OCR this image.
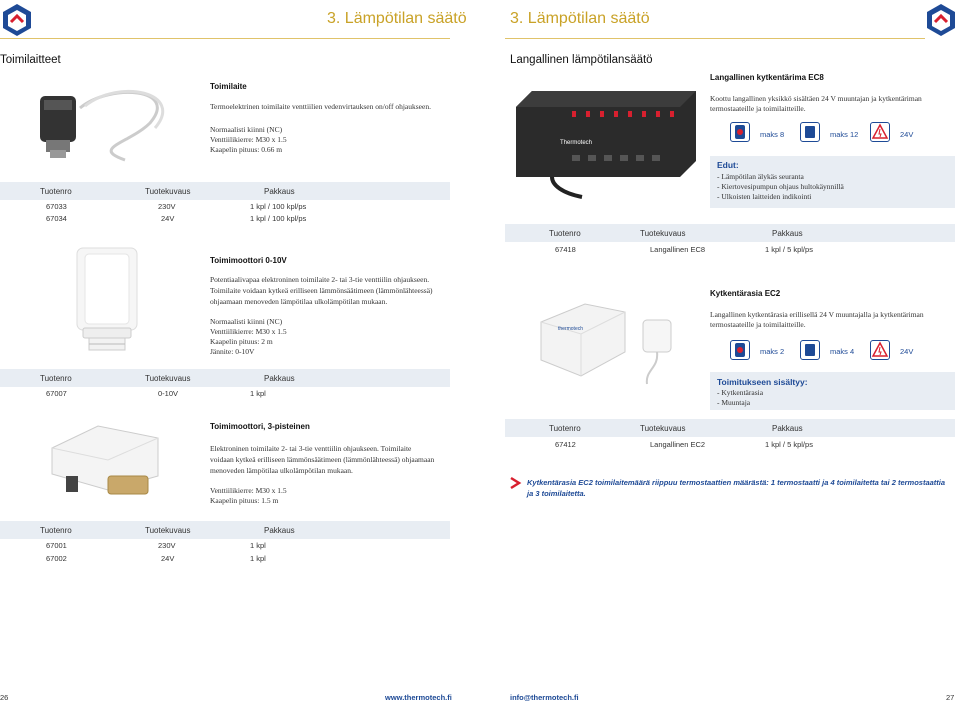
3. Lämpötilan säätö	3. Lämpötilan säätö
Toimilaitteet	Langallinen lämpötilansäätö
Toimilaite
Termoelektrinen toimilaite venttiilien vedenvirtauksen on/off ohjaukseen.
Normaalisti kiinni (NC)
Venttiilikierre: M30 x 1.5
Kaapelin pituus: 0.66 m
Tuotenro	Tuotekuvaus	Pakkaus
67033	230V	1 kpl / 100 kpl/ps
67034	24V	1 kpl / 100 kpl/ps
Toimimoottori 0-10V
Potentiaalivapaa elektroninen toimilaite 2- tai 3-tie venttiilin ohjaukseen.
Toimilaite voidaan kytkeä erilliseen lämmönsäätimeen (lämmönlähteessä)
ohjaamaan menoveden lämpötilaa ulkolämpötilan mukaan.
Normaalisti kiinni (NC)
Venttiilikierre: M30 x 1.5
Kaapelin pituus: 2 m
Jännite: 0-10V
Tuotenro	Tuotekuvaus	Pakkaus
67007	0-10V	1 kpl
Toimimoottori, 3-pisteinen
Elektroninen toimilaite 2- tai 3-tie venttiilin ohjaukseen. Toimilaite
voidaan kytkeä erilliseen lämmönsäätimeen (lämmönlähteessä) ohjaamaan
menoveden lämpötilaa ulkolämpötilan mukaan.
Venttiilikierre: M30 x 1.5
Kaapelin pituus: 1.5 m
Tuotenro	Tuotekuvaus	Pakkaus
67001	230V	1 kpl
67002	24V	1 kpl
Thermotech
Langallinen kytkentärima EC8
Koottu langallinen yksikkö sisältäen 24 V muuntajan ja kytkentäriman
termostaateille ja toimilaitteille.
maks 8	maks 12	24V
Edut:
- Lämpötilan älykäs seuranta
- Kiertovesipumpun ohjaus hultokäynnillä
- Ulkoisten laitteiden indikointi
Tuotenro	Tuotekuvaus	Pakkaus
67418	Langallinen EC8	1 kpl / 5 kpl/ps
thermotech
Kytkentärasia EC2
Langallinen kytkentärasia erillisellä 24 V muuntajalla ja kytkentäriman
termostaateille ja toimilaitteille.
maks 2	maks 4	24V
Toimitukseen sisältyy:
- Kytkentärasia
- Muuntaja
Tuotenro	Tuotekuvaus	Pakkaus
67412	Langallinen EC2	1 kpl / 5 kpl/ps
Kytkentärasia EC2 toimilaitemäärä riippuu termostaattien määrästä: 1 termostaatti ja 4 toimilaitetta tai 2 termostaattia
ja 3 toimilaitetta.
26	www.thermotech.fi	info@thermotech.fi	27
